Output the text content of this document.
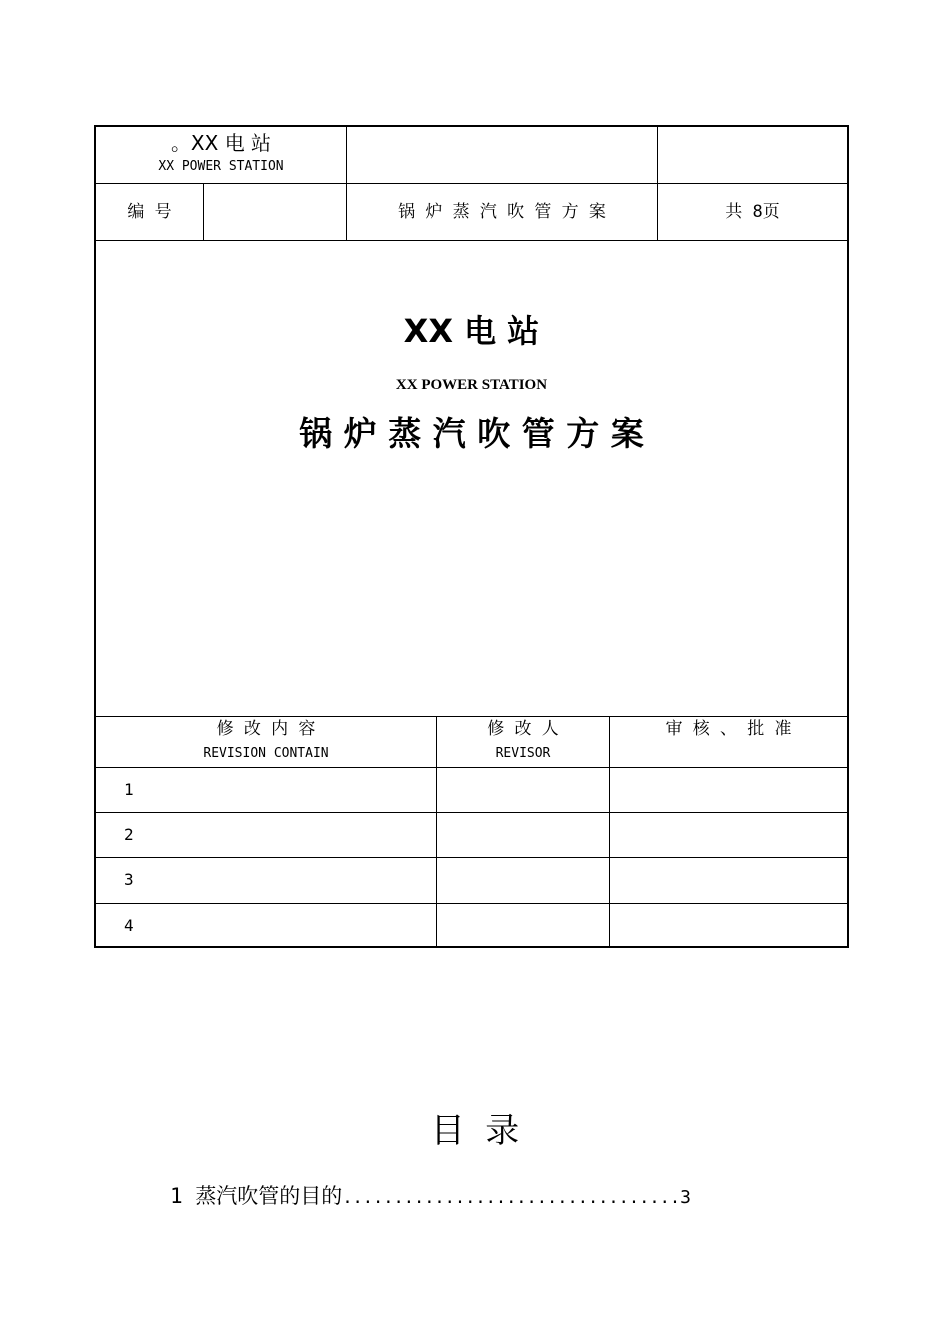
。XX 电 站
XX POWER STATION
编 号	锅 炉 蒸 汽 吹 管 方 案	共 8页
XX 电 站
XX POWER STATION
锅 炉 蒸 汽 吹 管 方 案
修 改 内 容
REVISION CONTAIN
修 改 人
REVISOR
审 核 、 批 准
1
2
3
4
目 录
1 蒸汽吹管的目的.................................3
